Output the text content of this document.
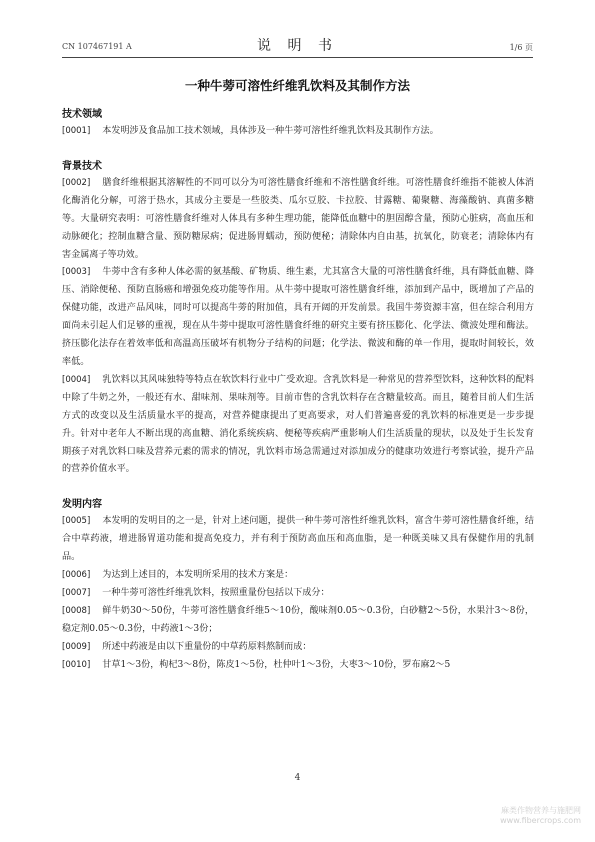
CN 107467191 A	说 明 书	1/6 页
一种牛蒡可溶性纤维乳饮料及其制作方法
技术领域

[0001] 本发明涉及食品加工技术领域，具体涉及一种牛蒡可溶性纤维乳饮料及其制作方法。

背景技术

[0002] 膳食纤维根据其溶解性的不同可以分为可溶性膳食纤维和不溶性膳食纤维。可溶性膳食纤维指不能被人体消化酶消化分解，可溶于热水，其成分主要是一些胶类、瓜尔豆胶、卡拉胶、甘露糖、葡聚糖、海藻酸钠、真菌多糖等。大量研究表明：可溶性膳食纤维对人体具有多种生理功能，能降低血糖中的胆固醇含量，预防心脏病，高血压和动脉硬化；控制血糖含量、预防糖尿病；促进肠胃蠕动，预防便秘；清除体内自由基，抗氧化，防衰老；清除体内有害金属离子等功效。

[0003] 牛蒡中含有多种人体必需的氨基酸、矿物质、维生素，尤其富含大量的可溶性膳食纤维，具有降低血糖、降压、消除便秘、预防直肠癌和增强免疫功能等作用。从牛蒡中提取可溶性膳食纤维，添加到产品中，既增加了产品的保健功能，改进产品风味，同时可以提高牛蒡的附加值，具有开阔的开发前景。我国牛蒡资源丰富，但在综合利用方面尚未引起人们足够的重视，现在从牛蒡中提取可溶性膳食纤维的研究主要有挤压膨化、化学法、微波处理和酶法。挤压膨化法存在着效率低和高温高压破坏有机物分子结构的问题；化学法、微波和酶的单一作用，提取时间较长，效率低。

[0004] 乳饮料以其风味独特等特点在软饮料行业中广受欢迎。含乳饮料是一种常见的营养型饮料，这种饮料的配料中除了牛奶之外，一般还有水、甜味剂、果味剂等。目前市售的含乳饮料存在含糖量较高。而且，随着目前人们生活方式的改变以及生活质量水平的提高，对营养健康提出了更高要求，对人们普遍喜爱的乳饮料的标准更是一步步提升。针对中老年人不断出现的高血糖、消化系统疾病、便秘等疾病严重影响人们生活质量的现状，以及处于生长发育期孩子对乳饮料口味及营养元素的需求的情况，乳饮料市场急需通过对添加成分的健康功效进行考察试验，提升产品的营养价值水平。

发明内容

[0005] 本发明的发明目的之一是，针对上述问题，提供一种牛蒡可溶性纤维乳饮料，富含牛蒡可溶性膳食纤维，结合中草药液，增进肠胃道功能和提高免疫力，并有利于预防高血压和高血脂，是一种既美味又具有保健作用的乳制品。

[0006] 为达到上述目的，本发明所采用的技术方案是：

[0007] 一种牛蒡可溶性纤维乳饮料，按照重量份包括以下成分：

[0008] 鲜牛奶30～50份，牛蒡可溶性膳食纤维5～10份，酸味剂0.05～0.3份，白砂糖2～5份，水果汁3～8份，稳定剂0.05～0.3份，中药液1～3份；

[0009] 所述中药液是由以下重量份的中草药原料熬制而成：

[0010] 甘草1～3份，枸杞3～8份，陈皮1～5份，杜仲叶1～3份，大枣3～10份，罗布麻2～5

4
麻类作物营养与施肥网
www.fibercrops.com
